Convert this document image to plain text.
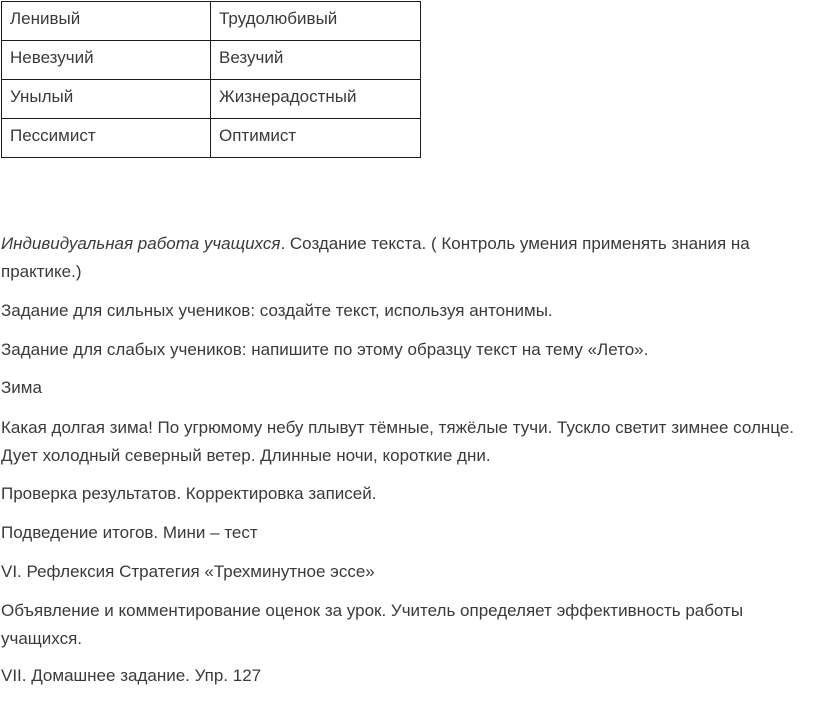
Ленивый	Трудолюбивый
Невезучий	Везучий
Унылый	Жизнерадостный
Пессимист	Оптимист

Индивидуальная работа учащихся. Создание текста. ( Контроль умения применять знания на практике.)

Задание для сильных учеников: создайте текст, используя антонимы.

Задание для слабых учеников: напишите по этому образцу текст на тему «Лето».

Зима

Какая долгая зима! По угрюмому небу плывут тёмные, тяжёлые тучи. Тускло светит зимнее солнце. Дует холодный северный ветер. Длинные ночи, короткие дни.

Проверка результатов. Корректировка записей.

Подведение итогов. Мини – тест

VI. Рефлексия Стратегия «Трехминутное эссе»

Объявление и комментирование оценок за урок. Учитель определяет эффективность работы учащихся.

VII. Домашнее задание. Упр. 127
